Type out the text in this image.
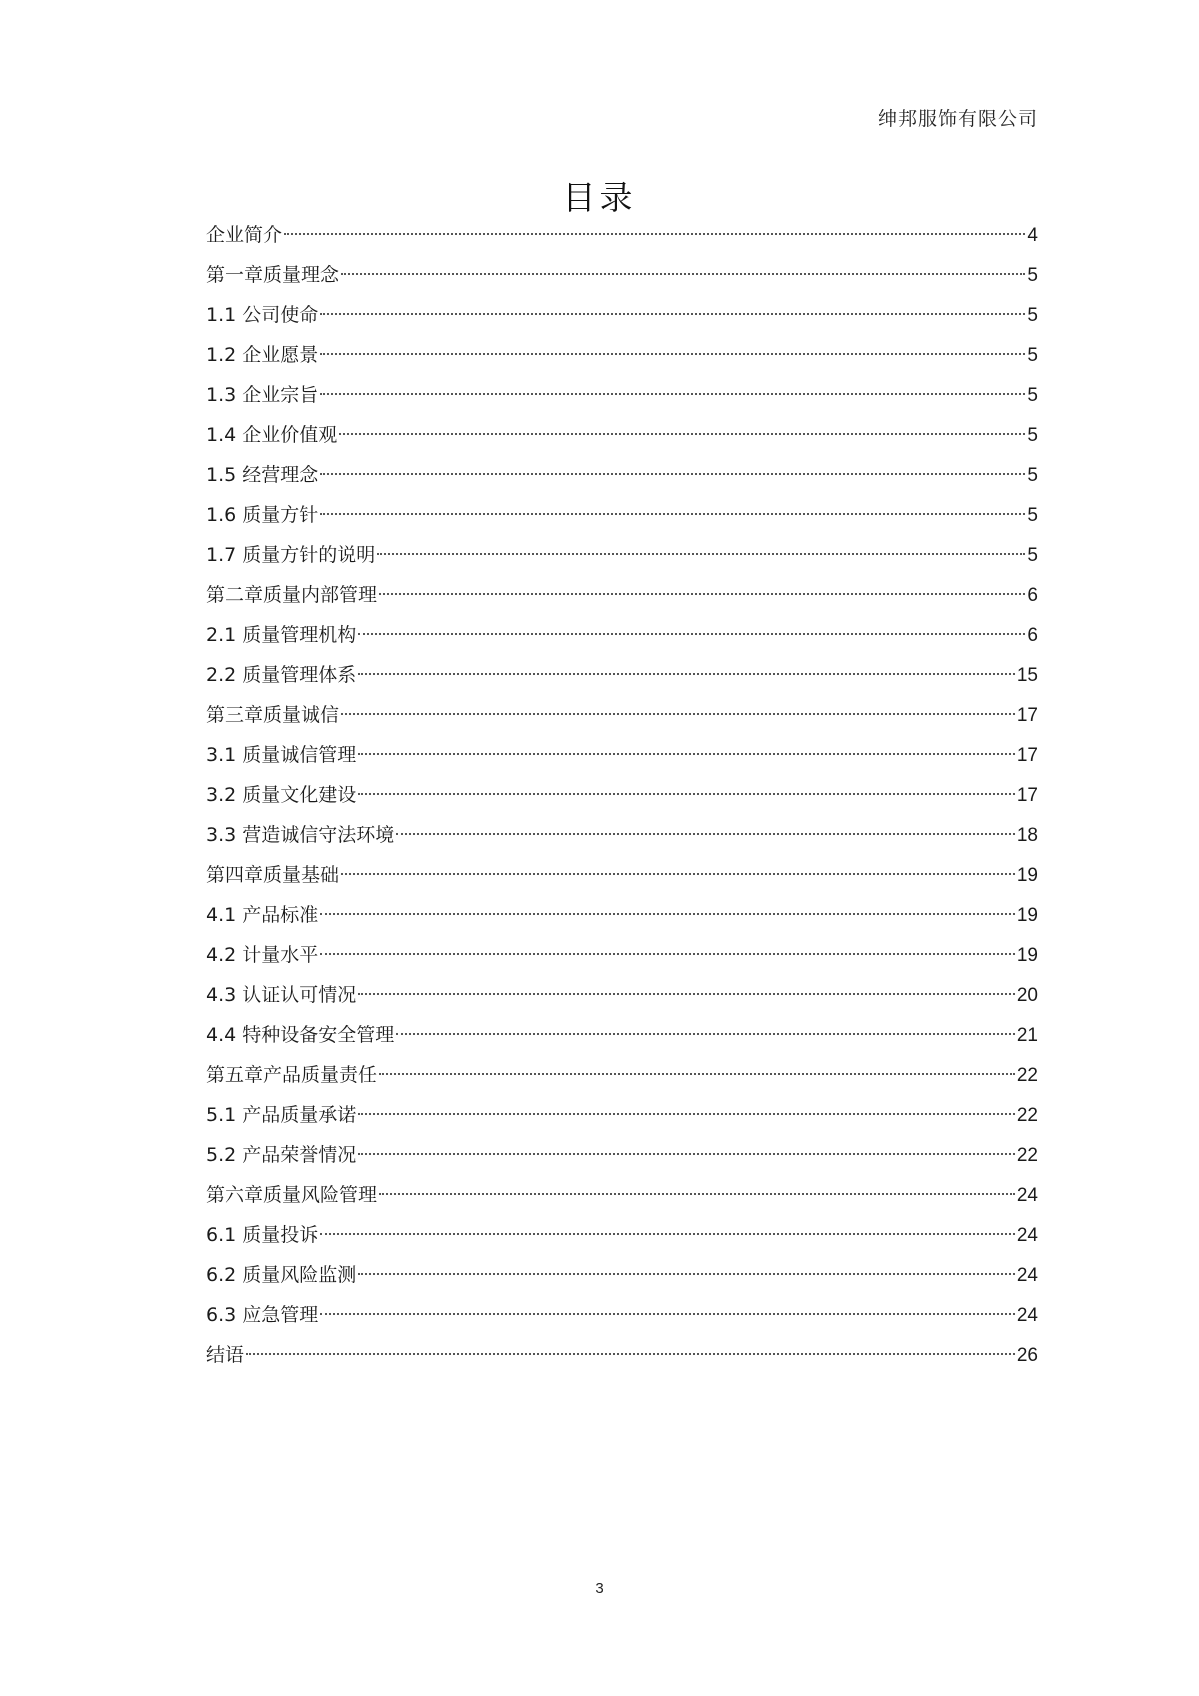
绅邦服饰有限公司
目录
企业简介	4
第一章质量理念	5
1.1 公司使命	5
1.2 企业愿景	5
1.3 企业宗旨	5
1.4 企业价值观	5
1.5 经营理念	5
1.6 质量方针	5
1.7 质量方针的说明	5
第二章质量内部管理	6
2.1 质量管理机构	6
2.2 质量管理体系	15
第三章质量诚信	17
3.1 质量诚信管理	17
3.2 质量文化建设	17
3.3 营造诚信守法环境	18
第四章质量基础	19
4.1 产品标准	19
4.2 计量水平	19
4.3 认证认可情况	20
4.4 特种设备安全管理	21
第五章产品质量责任	22
5.1 产品质量承诺	22
5.2 产品荣誉情况	22
第六章质量风险管理	24
6.1 质量投诉	24
6.2 质量风险监测	24
6.3 应急管理	24
结语	26
3
